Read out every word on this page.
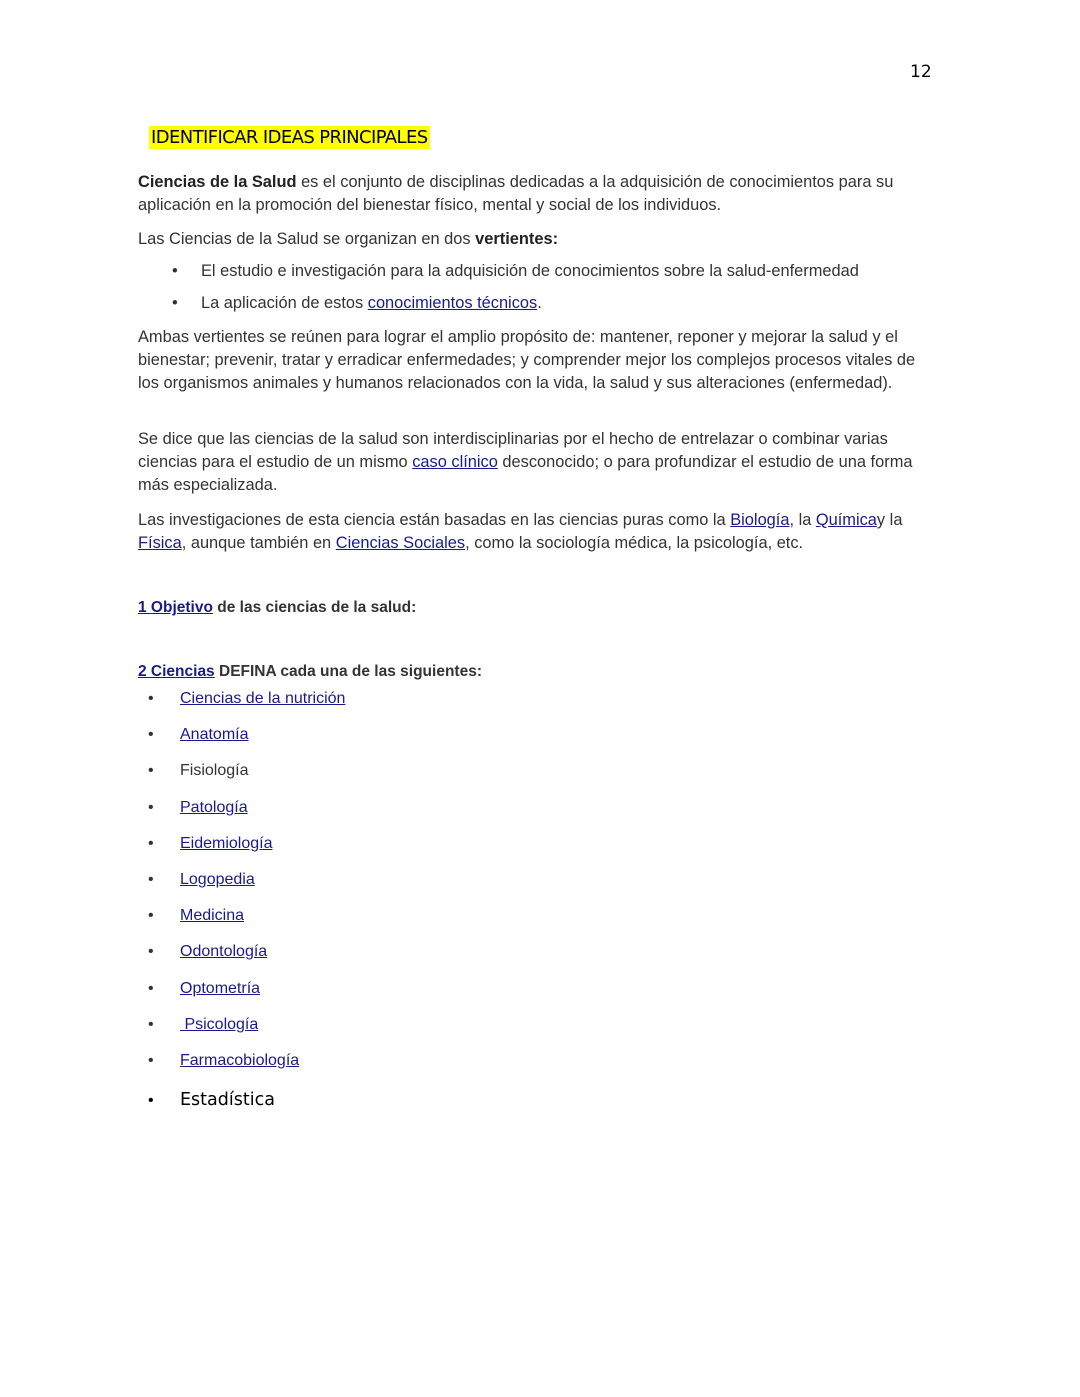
12
IDENTIFICAR IDEAS PRINCIPALES
Ciencias de la Salud es el conjunto de disciplinas dedicadas a la adquisición de conocimientos para su aplicación en la promoción del bienestar físico, mental y social de los individuos.
Las Ciencias de la Salud se organizan en dos vertientes:
• El estudio e investigación para la adquisición de conocimientos sobre la salud-enfermedad
• La aplicación de estos conocimientos técnicos.
Ambas vertientes se reúnen para lograr el amplio propósito de: mantener, reponer y mejorar la salud y el bienestar; prevenir, tratar y erradicar enfermedades; y comprender mejor los complejos procesos vitales de los organismos animales y humanos relacionados con la vida, la salud y sus alteraciones (enfermedad).
Se dice que las ciencias de la salud son interdisciplinarias por el hecho de entrelazar o combinar varias ciencias para el estudio de un mismo caso clínico desconocido; o para profundizar el estudio de una forma más especializada.
Las investigaciones de esta ciencia están basadas en las ciencias puras como la Biología, la Químicay la Física, aunque también en Ciencias Sociales, como la sociología médica, la psicología, etc.
1 Objetivo de las ciencias de la salud:
2 Ciencias DEFINA cada una de las siguientes:
• Ciencias de la nutrición
• Anatomía
• Fisiología
• Patología
• Eidemiología
• Logopedia
• Medicina
• Odontología
• Optometría
• Psicología
• Farmacobiología
• Estadística
